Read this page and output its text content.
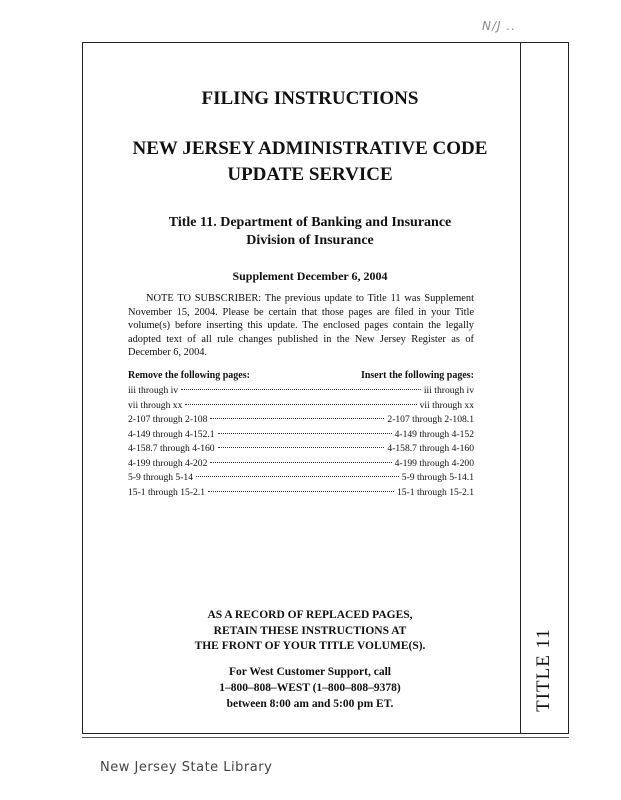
N/J ..
FILING INSTRUCTIONS
NEW JERSEY ADMINISTRATIVE CODE
UPDATE SERVICE
Title 11. Department of Banking and Insurance
Division of Insurance
Supplement December 6, 2004
NOTE TO SUBSCRIBER: The previous update to Title 11 was Supplement November 15, 2004. Please be certain that those pages are filed in your Title volume(s) before inserting this update. The enclosed pages contain the legally adopted text of all rule changes published in the New Jersey Register as of December 6, 2004.
Remove the following pages:	Insert the following pages:
iii through iv	iii through iv
vii through xx	vii through xx
2-107 through 2-108	2-107 through 2-108.1
4-149 through 4-152.1	4-149 through 4-152
4-158.7 through 4-160	4-158.7 through 4-160
4-199 through 4-202	4-199 through 4-200
5-9 through 5-14	5-9 through 5-14.1
15-1 through 15-2.1	15-1 through 15-2.1
AS A RECORD OF REPLACED PAGES,
RETAIN THESE INSTRUCTIONS AT
THE FRONT OF YOUR TITLE VOLUME(S).
For West Customer Support, call
1–800–808–WEST (1–800–808–9378)
between 8:00 am and 5:00 pm ET.	TITLE 11
New Jersey State Library
